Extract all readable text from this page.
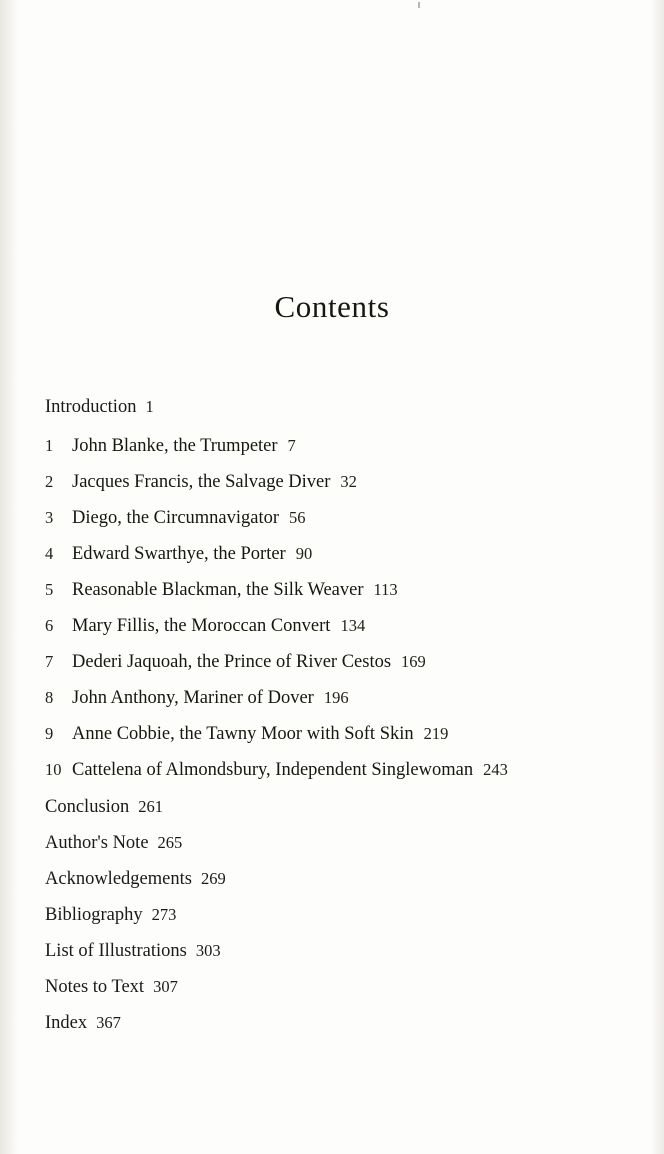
Contents
Introduction 1
1	John Blanke, the Trumpeter 7
2	Jacques Francis, the Salvage Diver 32
3	Diego, the Circumnavigator 56
4	Edward Swarthye, the Porter 90
5	Reasonable Blackman, the Silk Weaver 113
6	Mary Fillis, the Moroccan Convert 134
7	Dederi Jaquoah, the Prince of River Cestos 169
8	John Anthony, Mariner of Dover 196
9	Anne Cobbie, the Tawny Moor with Soft Skin 219
10 Cattelena of Almondsbury, Independent Singlewoman 243
Conclusion 261
Author's Note 265
Acknowledgements 269
Bibliography 273
List of Illustrations 303
Notes to Text 307
Index 367
